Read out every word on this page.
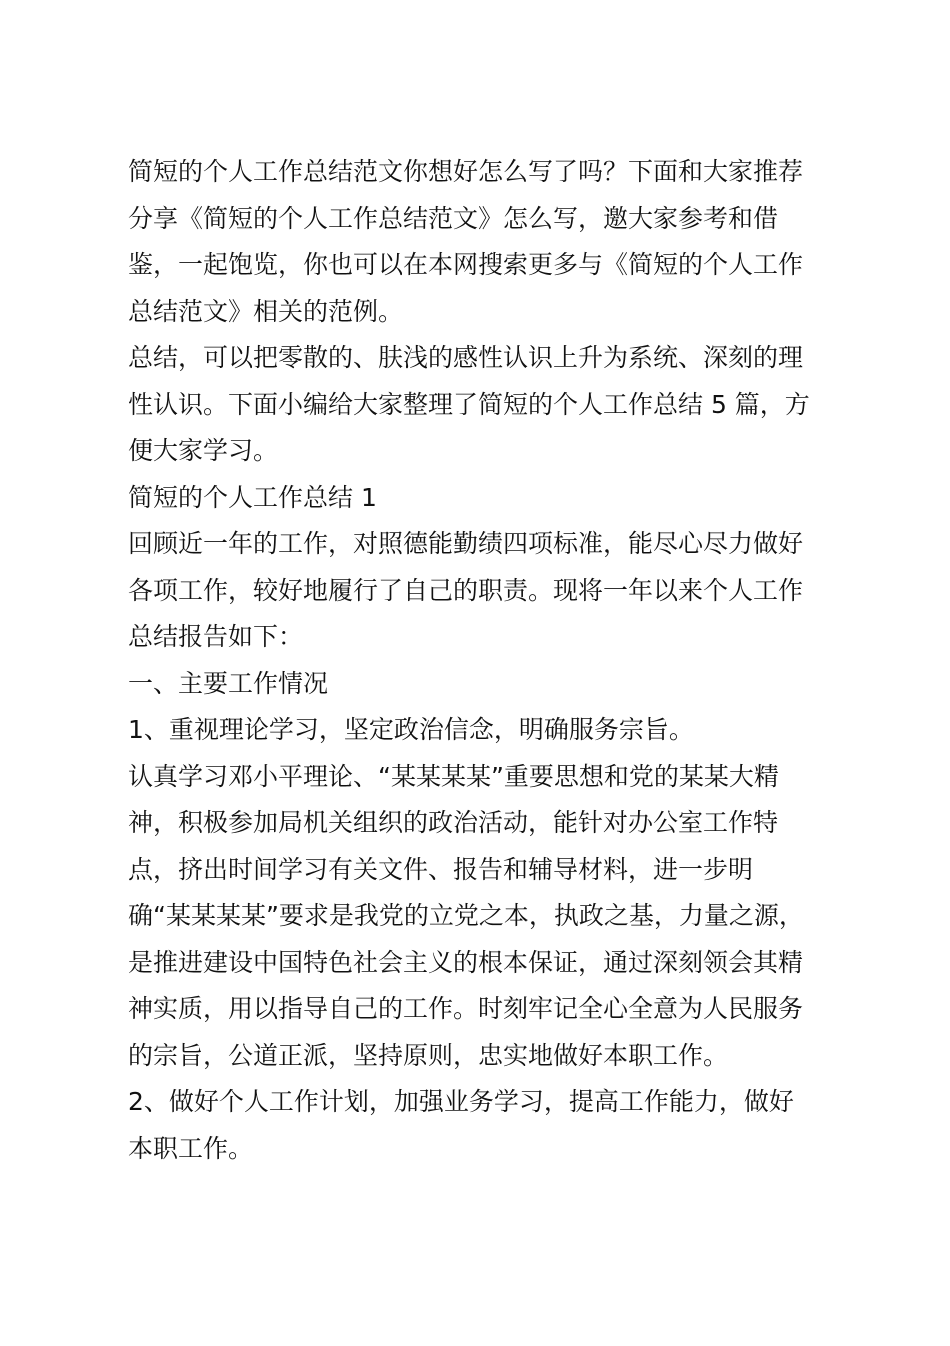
简短的个人工作总结范文你想好怎么写了吗？下面和大家推荐
分享《简短的个人工作总结范文》怎么写，邀大家参考和借
鉴，一起饱览，你也可以在本网搜索更多与《简短的个人工作
总结范文》相关的范例。
总结，可以把零散的、肤浅的感性认识上升为系统、深刻的理
性认识。下面小编给大家整理了简短的个人工作总结 5 篇，方
便大家学习。
简短的个人工作总结 1
回顾近一年的工作，对照德能勤绩四项标准，能尽心尽力做好
各项工作，较好地履行了自己的职责。现将一年以来个人工作
总结报告如下：
一、主要工作情况
1、重视理论学习，坚定政治信念，明确服务宗旨。
认真学习邓小平理论、“某某某某”重要思想和党的某某大精
神，积极参加局机关组织的政治活动，能针对办公室工作特
点，挤出时间学习有关文件、报告和辅导材料，进一步明
确“某某某某”要求是我党的立党之本，执政之基，力量之源，
是推进建设中国特色社会主义的根本保证，通过深刻领会其精
神实质，用以指导自己的工作。时刻牢记全心全意为人民服务
的宗旨，公道正派，坚持原则，忠实地做好本职工作。
2、做好个人工作计划，加强业务学习，提高工作能力，做好
本职工作。
